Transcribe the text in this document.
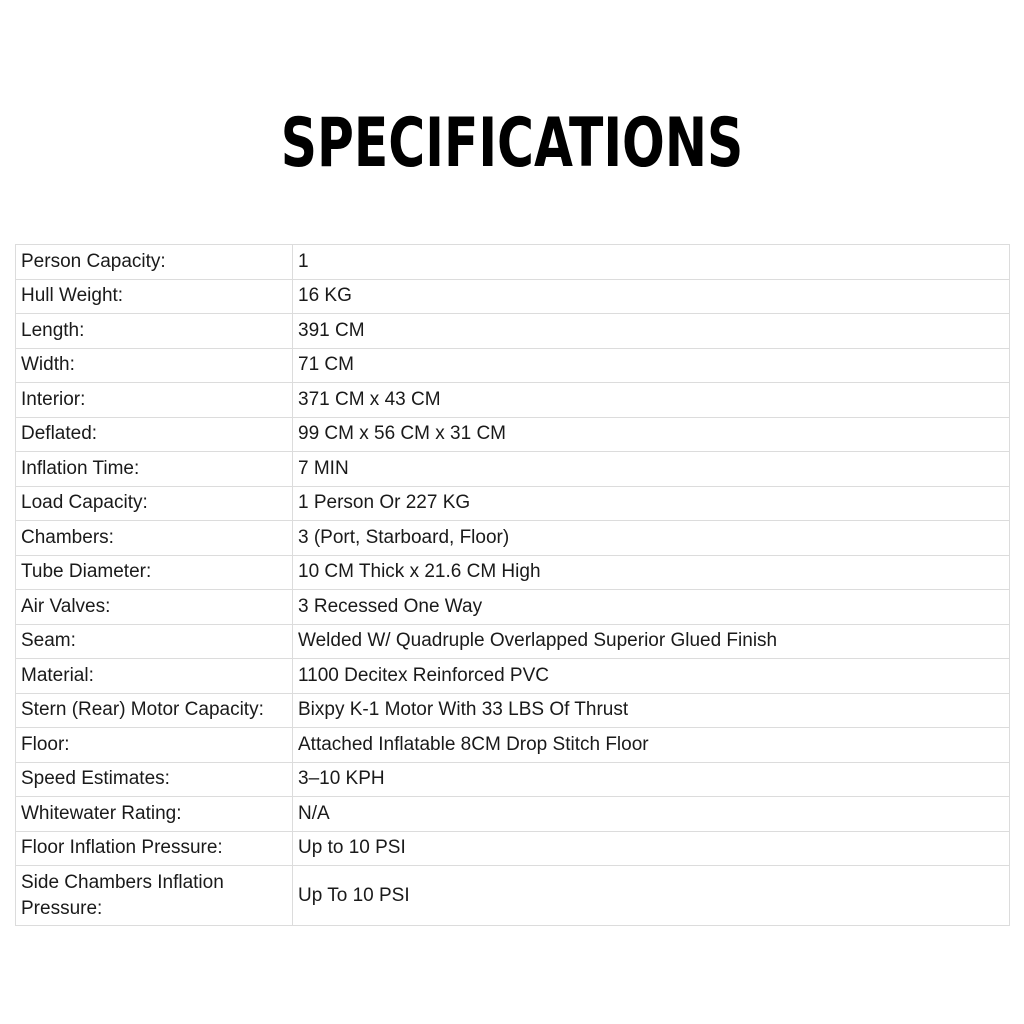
SPECIFICATIONS
Person Capacity:	1
Hull Weight:	16 KG
Length:	391 CM
Width:	71 CM
Interior:	371 CM x 43 CM
Deflated:	99 CM x 56 CM x 31 CM
Inflation Time:	7 MIN
Load Capacity:	1 Person Or 227 KG
Chambers:	3 (Port, Starboard, Floor)
Tube Diameter:	10 CM Thick x 21.6 CM High
Air Valves:	3 Recessed One Way
Seam:	Welded W/ Quadruple Overlapped Superior Glued Finish
Material:	1100 Decitex Reinforced PVC
Stern (Rear) Motor Capacity:	Bixpy K-1 Motor With 33 LBS Of Thrust
Floor:	Attached Inflatable 8CM Drop Stitch Floor
Speed Estimates:	3–10 KPH
Whitewater Rating:	N/A
Floor Inflation Pressure:	Up to 10 PSI
Side Chambers Inflation Pressure:	Up To 10 PSI
